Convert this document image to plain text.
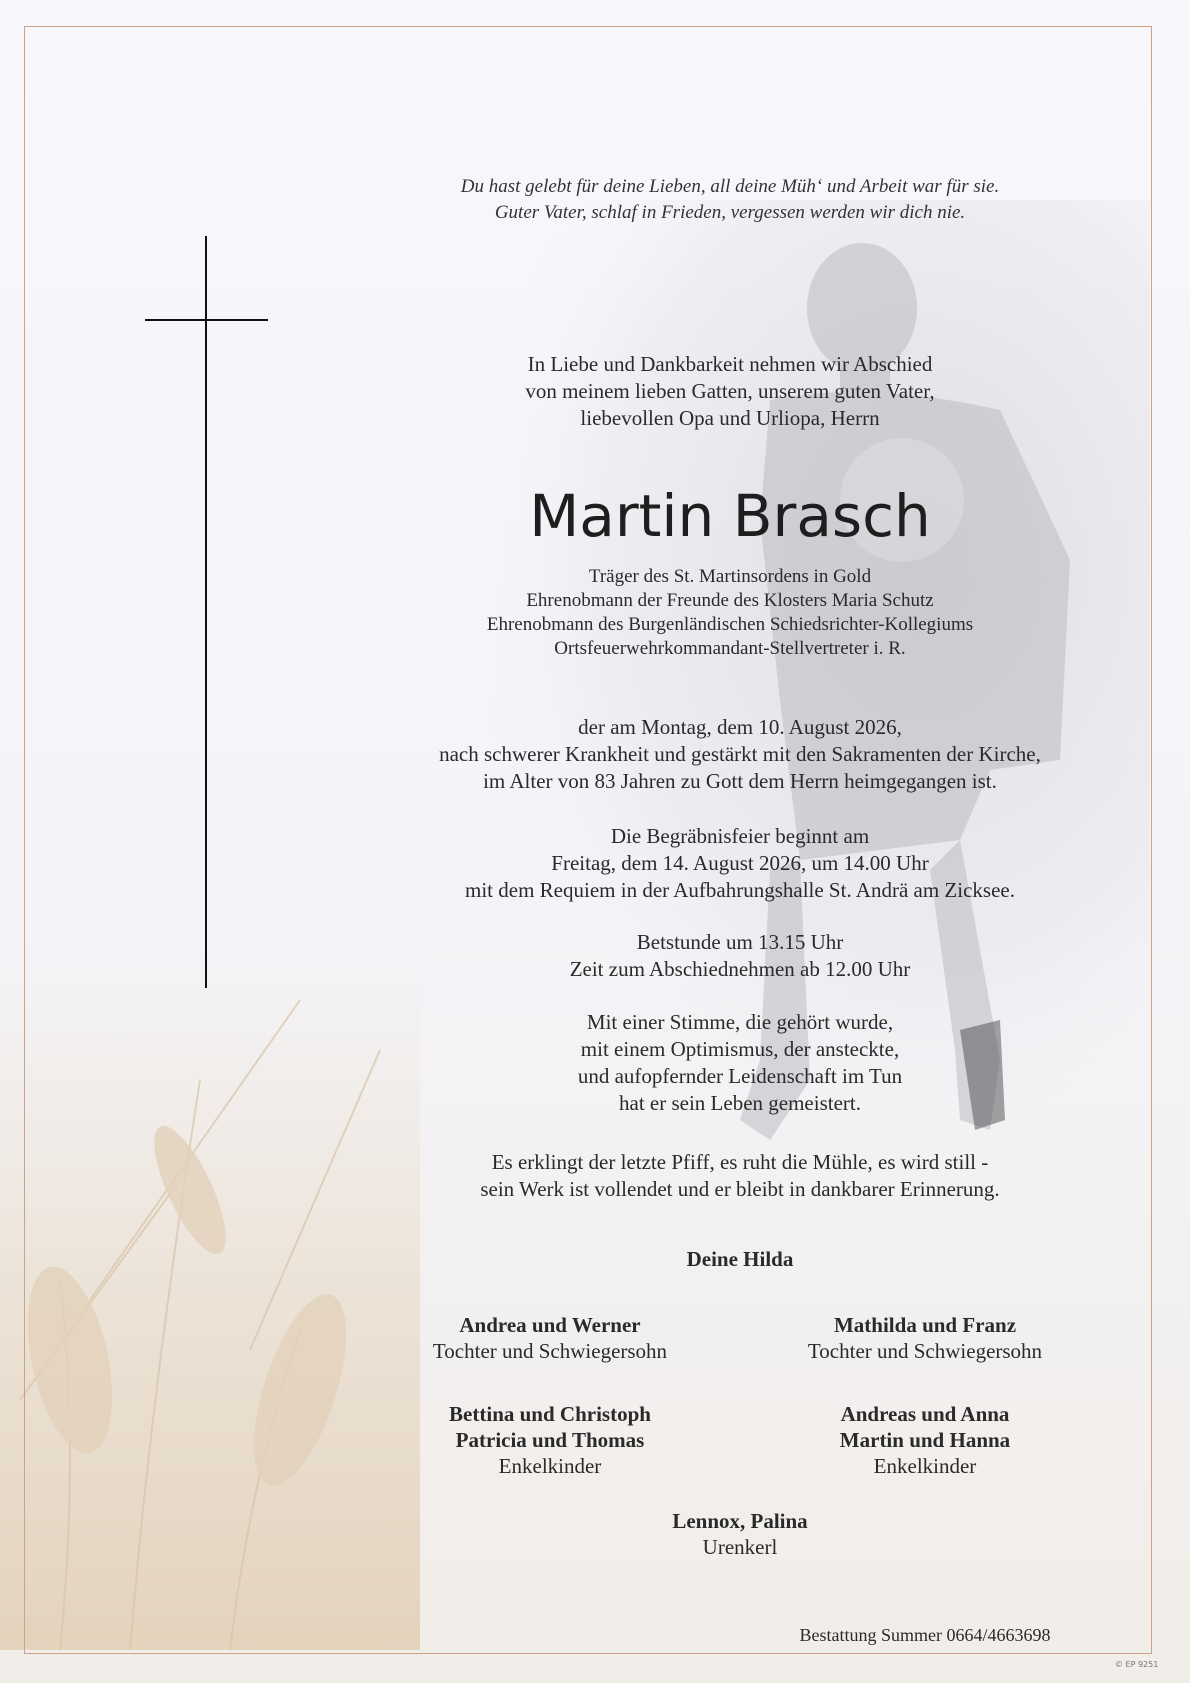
Du hast gelebt für deine Lieben, all deine Müh‘ und Arbeit war für sie.
Guter Vater, schlaf in Frieden, vergessen werden wir dich nie.
In Liebe und Dankbarkeit nehmen wir Abschied
von meinem lieben Gatten, unserem guten Vater,
liebevollen Opa und Urliopa, Herrn
Martin Brasch
Träger des St. Martinsordens in Gold
Ehrenobmann der Freunde des Klosters Maria Schutz
Ehrenobmann des Burgenländischen Schiedsrichter-Kollegiums
Ortsfeuerwehrkommandant-Stellvertreter i. R.
der am Montag, dem 10. August 2026,
nach schwerer Krankheit und gestärkt mit den Sakramenten der Kirche,
im Alter von 83 Jahren zu Gott dem Herrn heimgegangen ist.
Die Begräbnisfeier beginnt am
Freitag, dem 14. August 2026, um 14.00 Uhr
mit dem Requiem in der Aufbahrungshalle St. Andrä am Zicksee.
Betstunde um 13.15 Uhr
Zeit zum Abschiednehmen ab 12.00 Uhr
Mit einer Stimme, die gehört wurde,
mit einem Optimismus, der ansteckte,
und aufopfernder Leidenschaft im Tun
hat er sein Leben gemeistert.
Es erklingt der letzte Pfiff, es ruht die Mühle, es wird still -
sein Werk ist vollendet und er bleibt in dankbarer Erinnerung.
Deine Hilda
Andrea und Werner
Tochter und Schwiegersohn
Mathilda und Franz
Tochter und Schwiegersohn
Bettina und Christoph
Patricia und Thomas
Enkelkinder
Andreas und Anna
Martin und Hanna
Enkelkinder
Lennox, Palina
Urenkerl
Bestattung Summer 0664/4663698
© EP 9251
